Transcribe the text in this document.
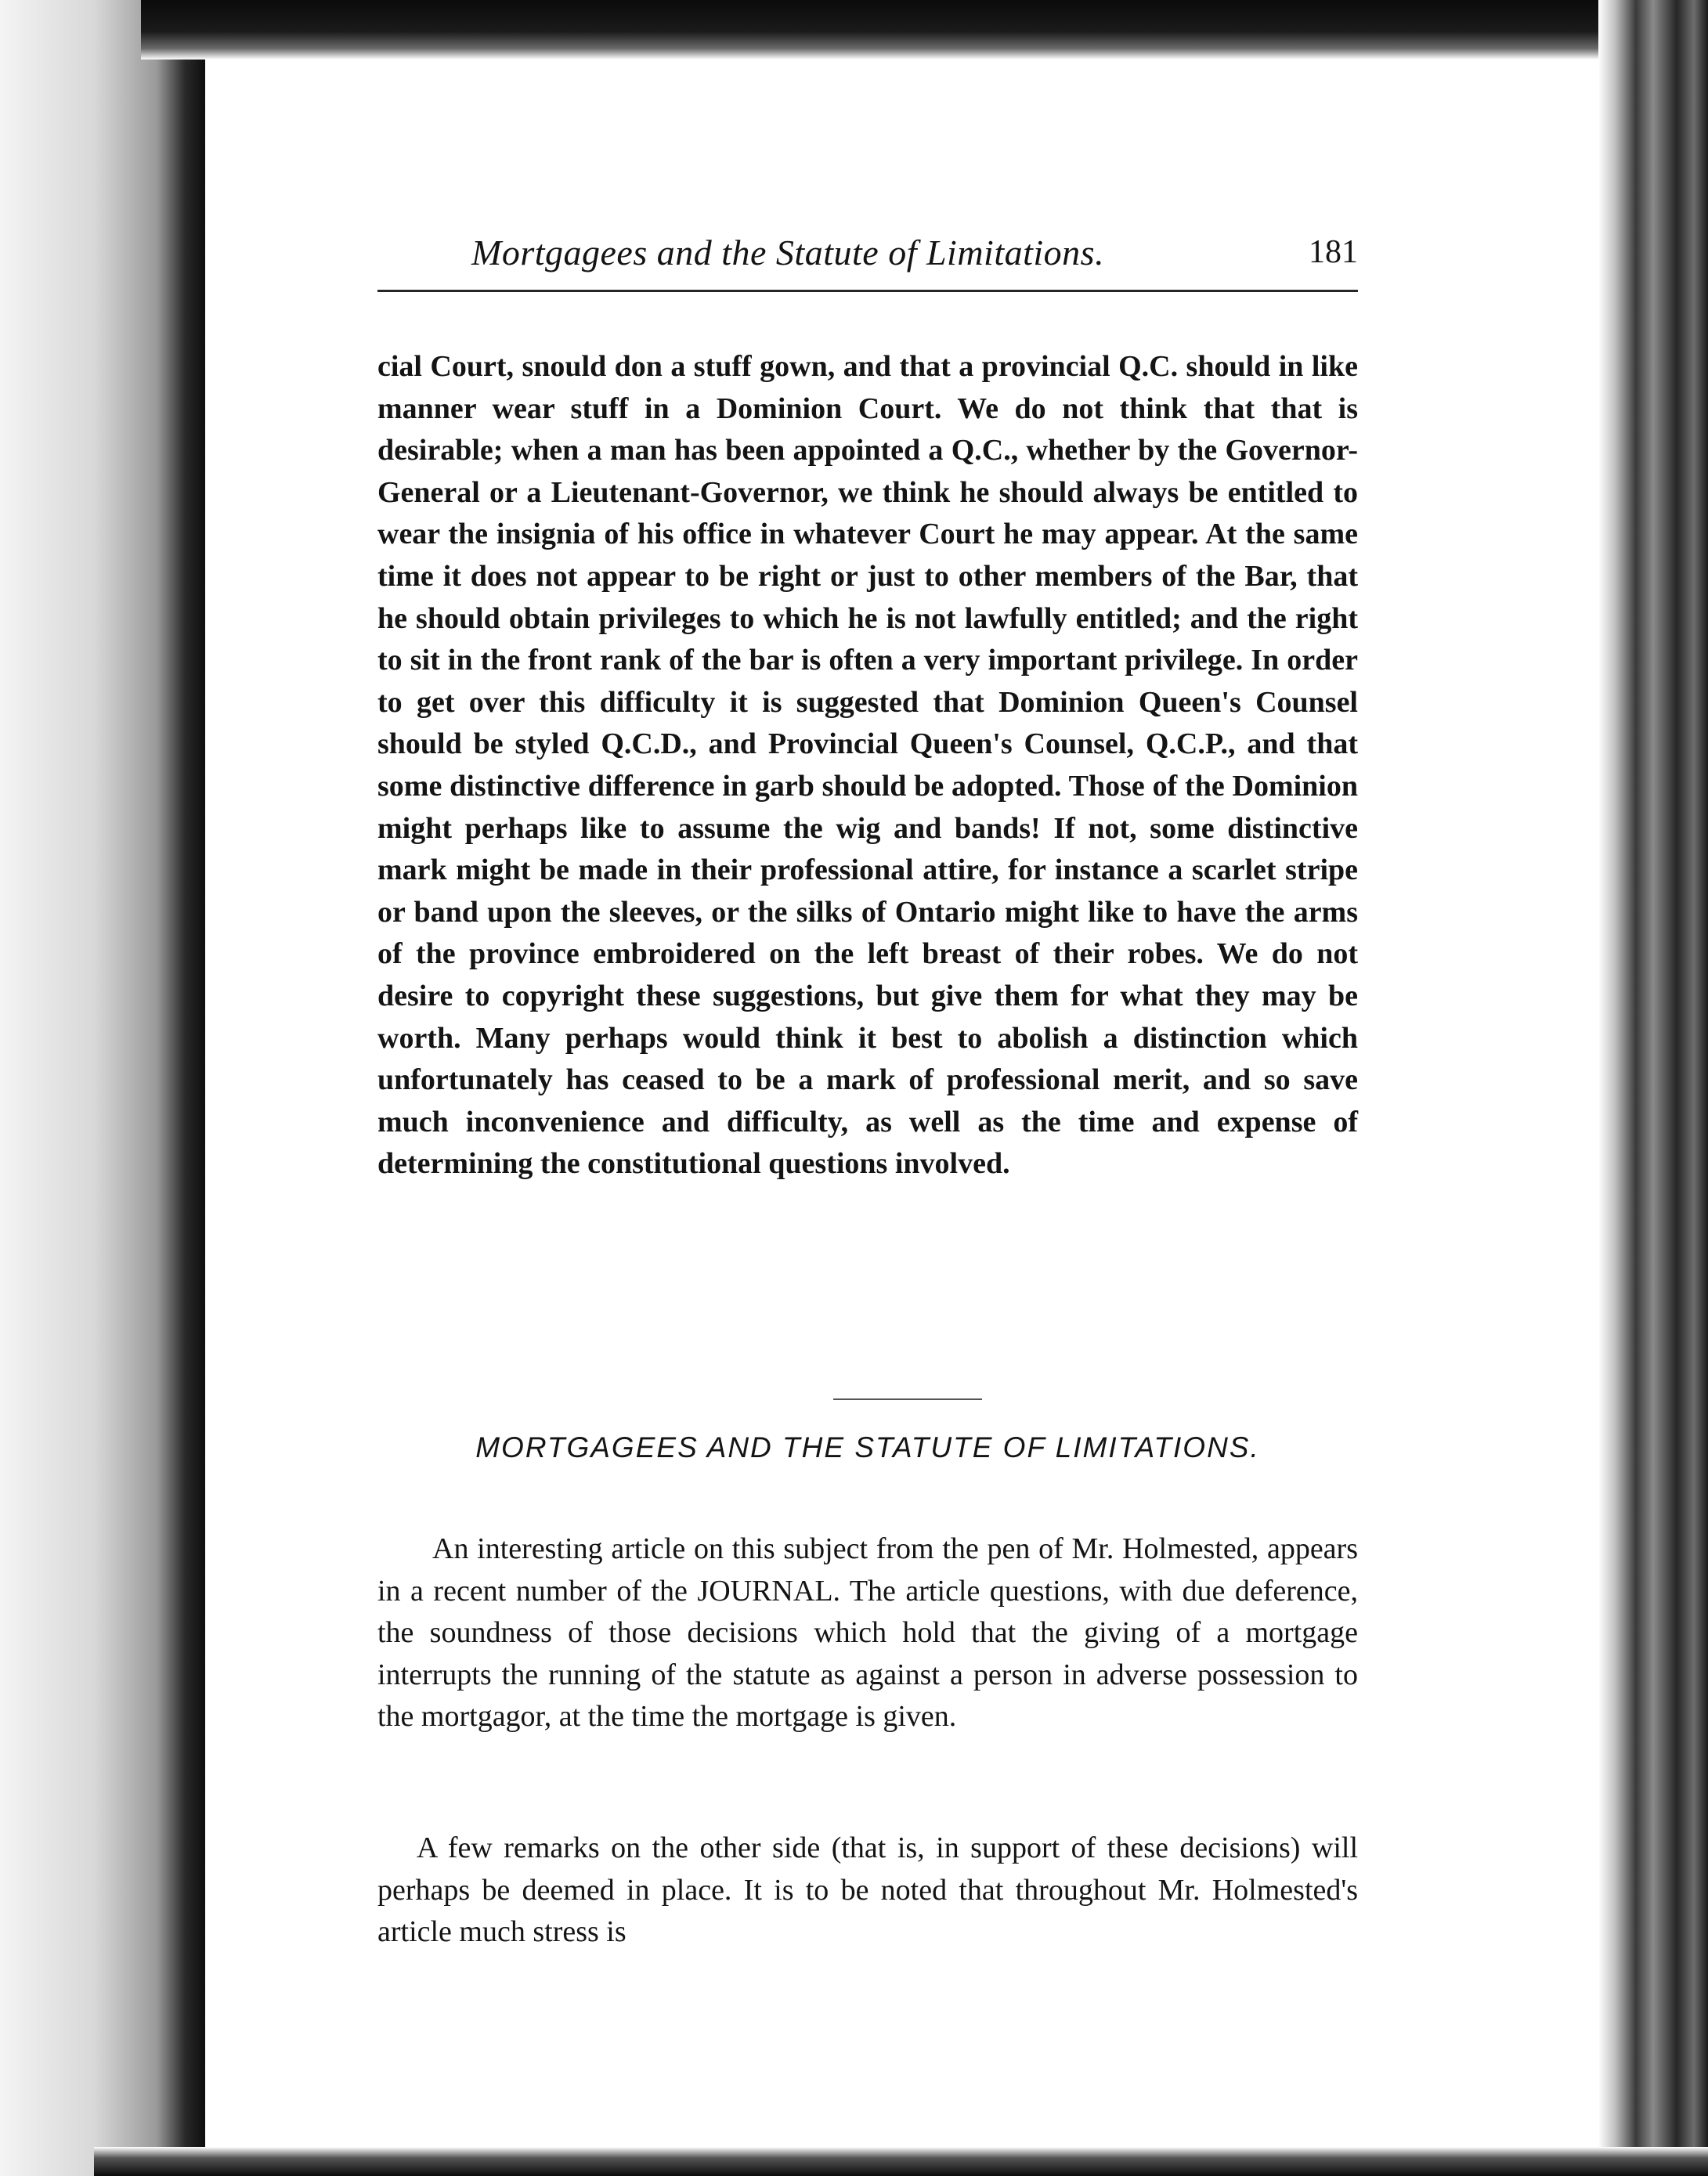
Mortgagees and the Statute of Limitations.	181

cial Court, snould don a stuff gown, and that a provincial Q.C. should in like manner wear stuff in a Dominion Court. We do not think that that is desirable; when a man has been appointed a Q.C., whether by the Governor-General or a Lieutenant-Governor, we think he should always be entitled to wear the insignia of his office in whatever Court he may appear. At the same time it does not appear to be right or just to other members of the Bar, that he should obtain privileges to which he is not lawfully entitled; and the right to sit in the front rank of the bar is often a very important privilege. In order to get over this difficulty it is suggested that Dominion Queen's Counsel should be styled Q.C.D., and Provincial Queen's Counsel, Q.C.P., and that some distinctive difference in garb should be adopted. Those of the Dominion might perhaps like to assume the wig and bands! If not, some distinctive mark might be made in their professional attire, for instance a scarlet stripe or band upon the sleeves, or the silks of Ontario might like to have the arms of the province embroidered on the left breast of their robes. We do not desire to copyright these suggestions, but give them for what they may be worth. Many perhaps would think it best to abolish a distinction which unfortunately has ceased to be a mark of professional merit, and so save much inconvenience and difficulty, as well as the time and expense of determining the constitutional questions involved.

MORTGAGEES AND THE STATUTE OF LIMITATIONS.

An interesting article on this subject from the pen of Mr. Holmested, appears in a recent number of the JOURNAL. The article questions, with due deference, the soundness of those decisions which hold that the giving of a mortgage interrupts the running of the statute as against a person in adverse possession to the mortgagor, at the time the mortgage is given.

A few remarks on the other side (that is, in support of these decisions) will perhaps be deemed in place. It is to be noted that throughout Mr. Holmested's article much stress is
